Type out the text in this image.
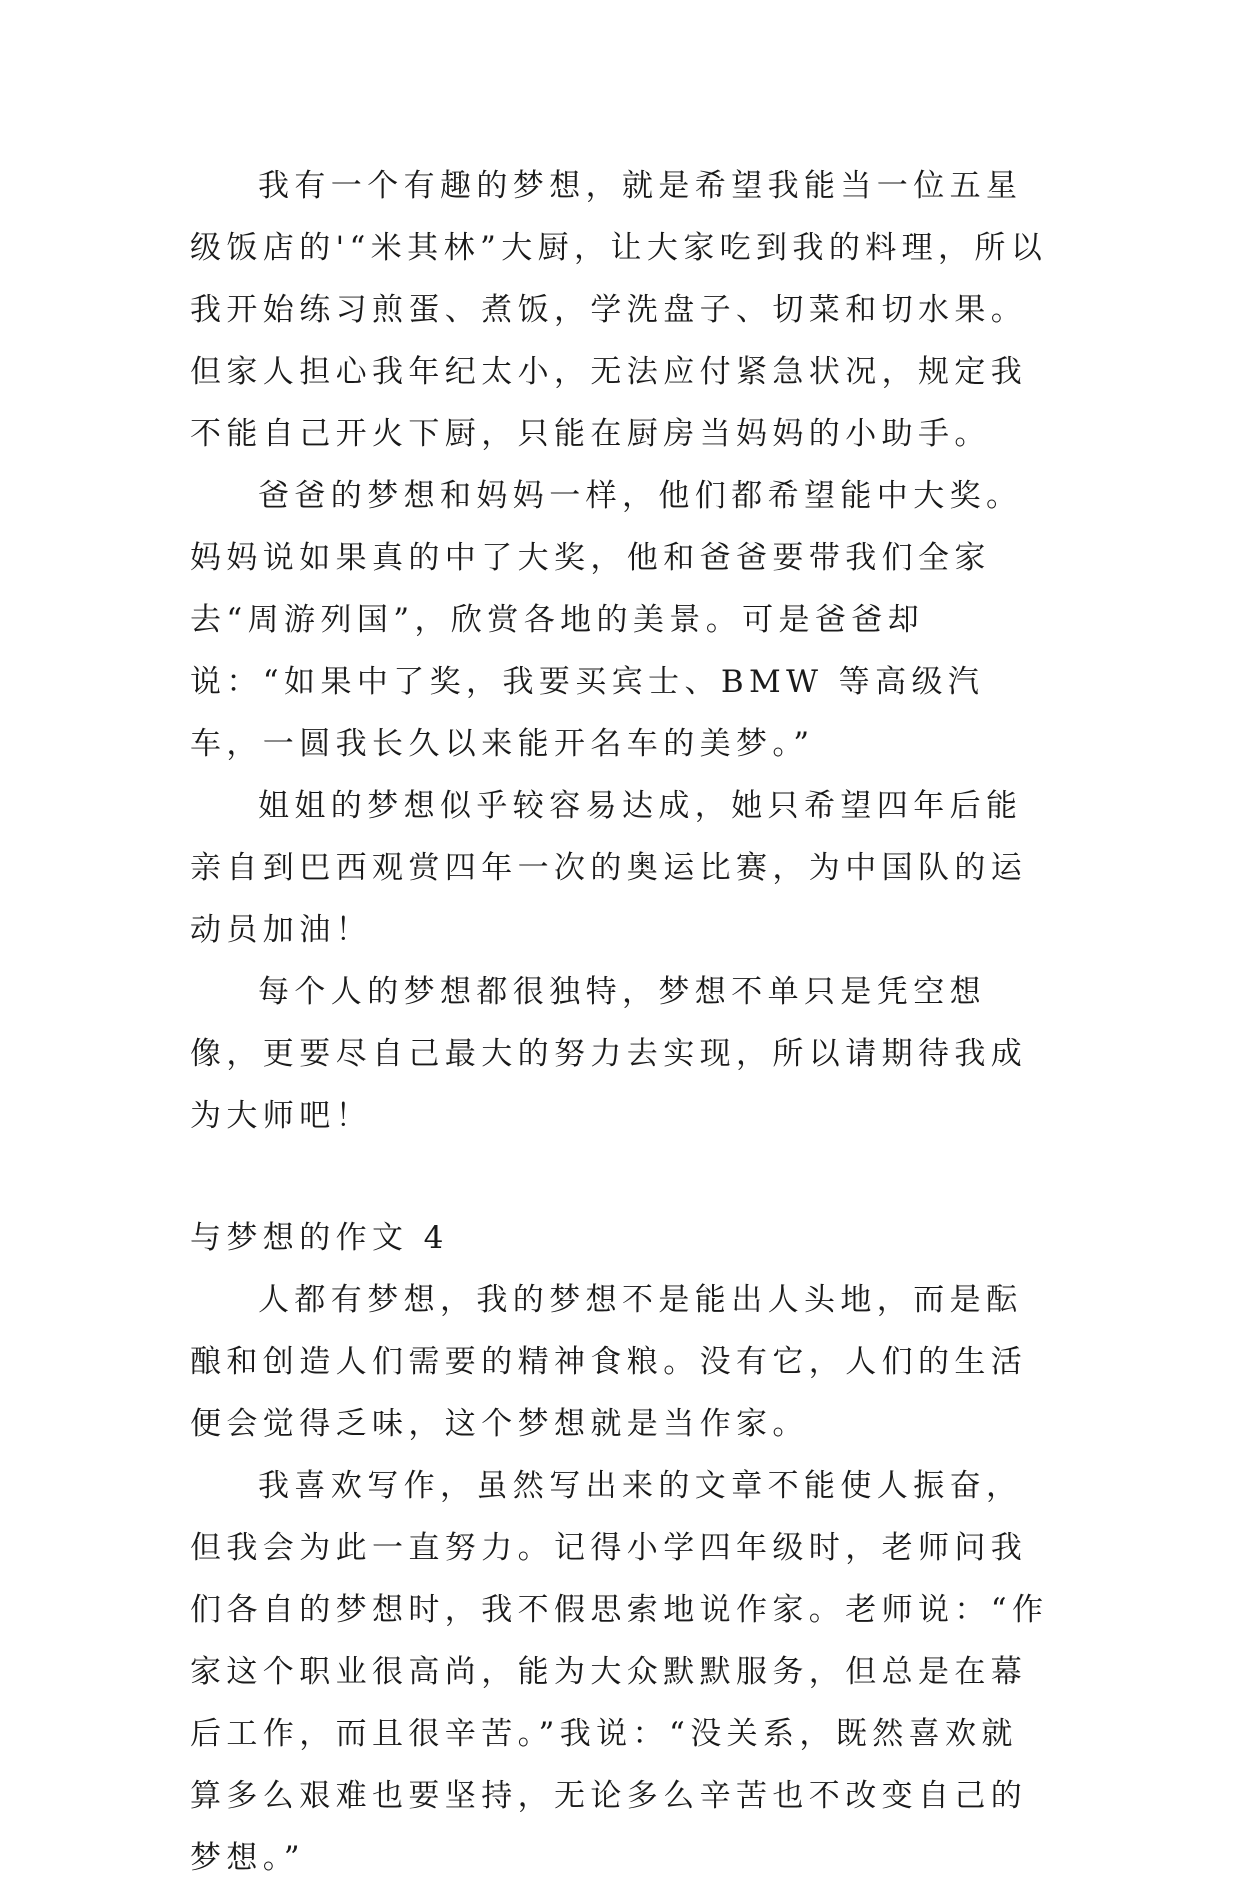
我有一个有趣的梦想，就是希望我能当一位五星级饭店的'“米其林”大厨，让大家吃到我的料理，所以我开始练习煎蛋、煮饭，学洗盘子、切菜和切水果。但家人担心我年纪太小，无法应付紧急状况，规定我不能自己开火下厨，只能在厨房当妈妈的小助手。

爸爸的梦想和妈妈一样，他们都希望能中大奖。妈妈说如果真的中了大奖，他和爸爸要带我们全家去“周游列国”，欣赏各地的美景。可是爸爸却说：“如果中了奖，我要买宾士、BMW 等高级汽车，一圆我长久以来能开名车的美梦。”

姐姐的梦想似乎较容易达成，她只希望四年后能亲自到巴西观赏四年一次的奥运比赛，为中国队的运动员加油！

每个人的梦想都很独特，梦想不单只是凭空想像，更要尽自己最大的努力去实现，所以请期待我成为大师吧！

与梦想的作文 4

人都有梦想，我的梦想不是能出人头地，而是酝酿和创造人们需要的精神食粮。没有它，人们的生活便会觉得乏味，这个梦想就是当作家。

我喜欢写作，虽然写出来的文章不能使人振奋，但我会为此一直努力。记得小学四年级时，老师问我们各自的梦想时，我不假思索地说作家。老师说：“作家这个职业很高尚，能为大众默默服务，但总是在幕后工作，而且很辛苦。”我说：“没关系，既然喜欢就算多么艰难也要坚持，无论多么辛苦也不改变自己的梦想。”
